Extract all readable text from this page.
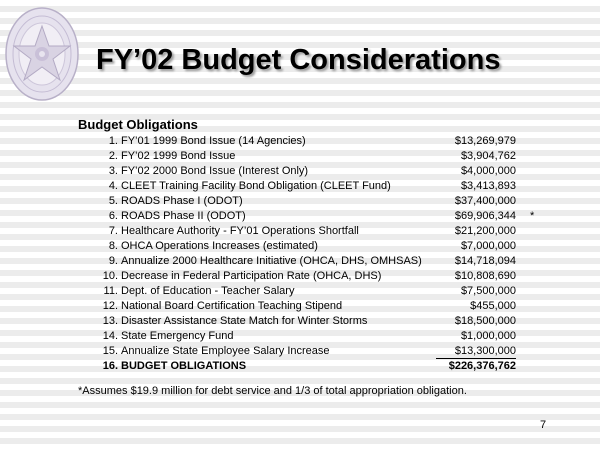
FY’02 Budget Considerations
Budget Obligations
1. FY’01 1999 Bond Issue (14 Agencies)	$13,269,979
2. FY’02 1999 Bond Issue	$3,904,762
3. FY’02 2000 Bond Issue (Interest Only)	$4,000,000
4. CLEET Training Facility Bond Obligation (CLEET Fund)	$3,413,893
5. ROADS Phase I (ODOT)	$37,400,000
6. ROADS Phase II (ODOT)	$69,906,344 *
7. Healthcare Authority - FY’01 Operations Shortfall	$21,200,000
8. OHCA Operations Increases (estimated)	$7,000,000
9. Annualize 2000 Healthcare Initiative (OHCA, DHS, OMHSAS)	$14,718,094
10. Decrease in Federal Participation Rate (OHCA, DHS)	$10,808,690
11. Dept. of Education - Teacher Salary	$7,500,000
12. National Board Certification Teaching Stipend	$455,000
13. Disaster Assistance State Match for Winter Storms	$18,500,000
14. State Emergency Fund	$1,000,000
15. Annualize State Employee Salary Increase	$13,300,000
16. BUDGET OBLIGATIONS	$226,376,762
*Assumes $19.9 million for debt service and 1/3 of total appropriation obligation.
7
